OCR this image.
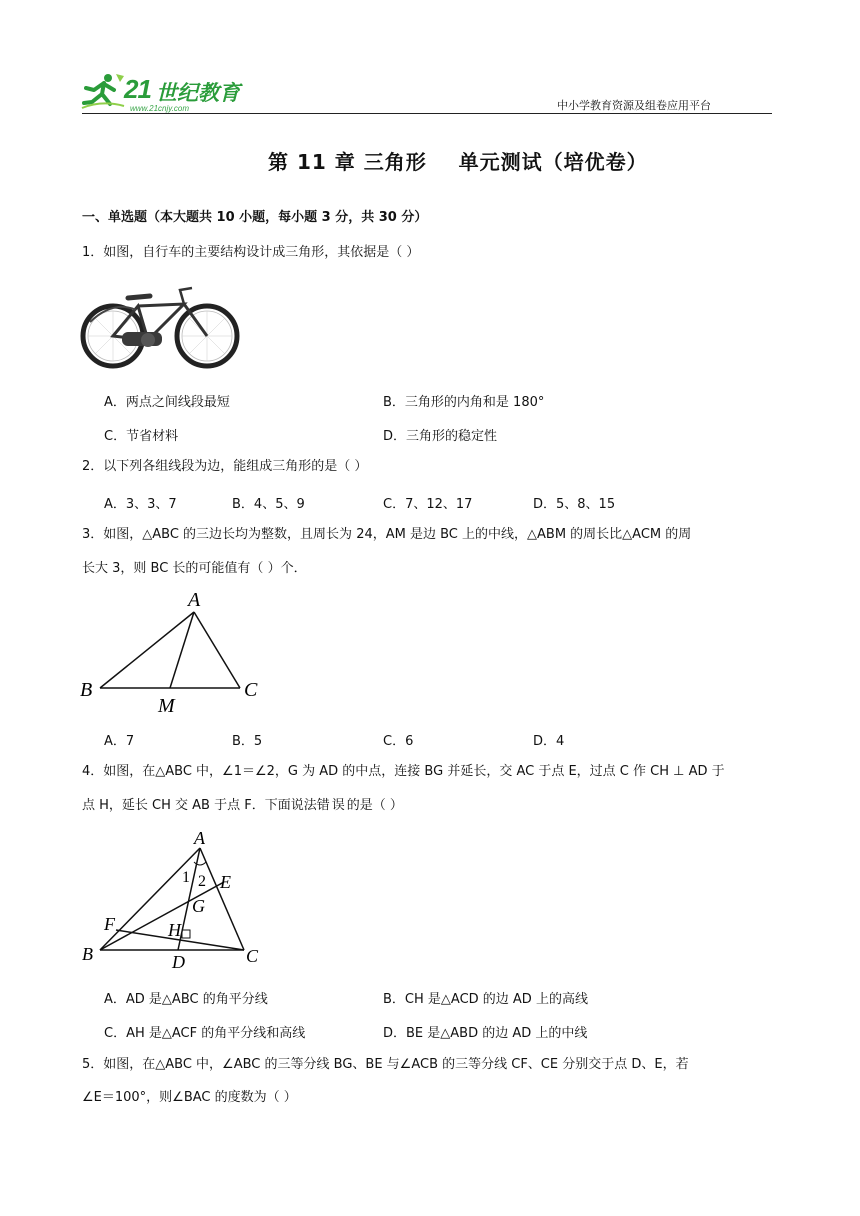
21 世纪教育
www.21cnjy.com	中小学教育资源及组卷应用平台
第 11 章 三角形    单元测试（培优卷）
一、单选题（本大题共 10 小题，每小题 3 分，共 30 分）
1．如图，自行车的主要结构设计成三角形，其依据是（ ）
A．两点之间线段最短	B．三角形的内角和是 180°
C．节省材料	D．三角形的稳定性
2．以下列各组线段为边，能组成三角形的是（ ）
A．3、3、7	B．4、5、9	C．7、12、17	D．5、8、15
3．如图，△ABC 的三边长均为整数，且周长为 24，AM 是边 BC 上的中线，△ABM 的周长比△ACM 的周
长大 3，则 BC 长的可能值有（ ）个．
A
B	C
M
A．7	B．5	C．6	D．4
4．如图，在△ABC 中，∠1＝∠2，G 为 AD 的中点，连接 BG 并延长，交 AC 于点 E，过点 C 作 CH ⊥ AD 于
点 H，延长 CH 交 AB 于点 F．下面说法错误的是（ ）
A
E
1 2
G
F	H
B	D	C
A．AD 是△ABC 的角平分线	B．CH 是△ACD 的边 AD 上的高线
C．AH 是△ACF 的角平分线和高线	D．BE 是△ABD 的边 AD 上的中线
5．如图，在△ABC 中，∠ABC 的三等分线 BG、BE 与∠ACB 的三等分线 CF、CE 分别交于点 D、E，若
∠E＝100°，则∠BAC 的度数为（ ）
